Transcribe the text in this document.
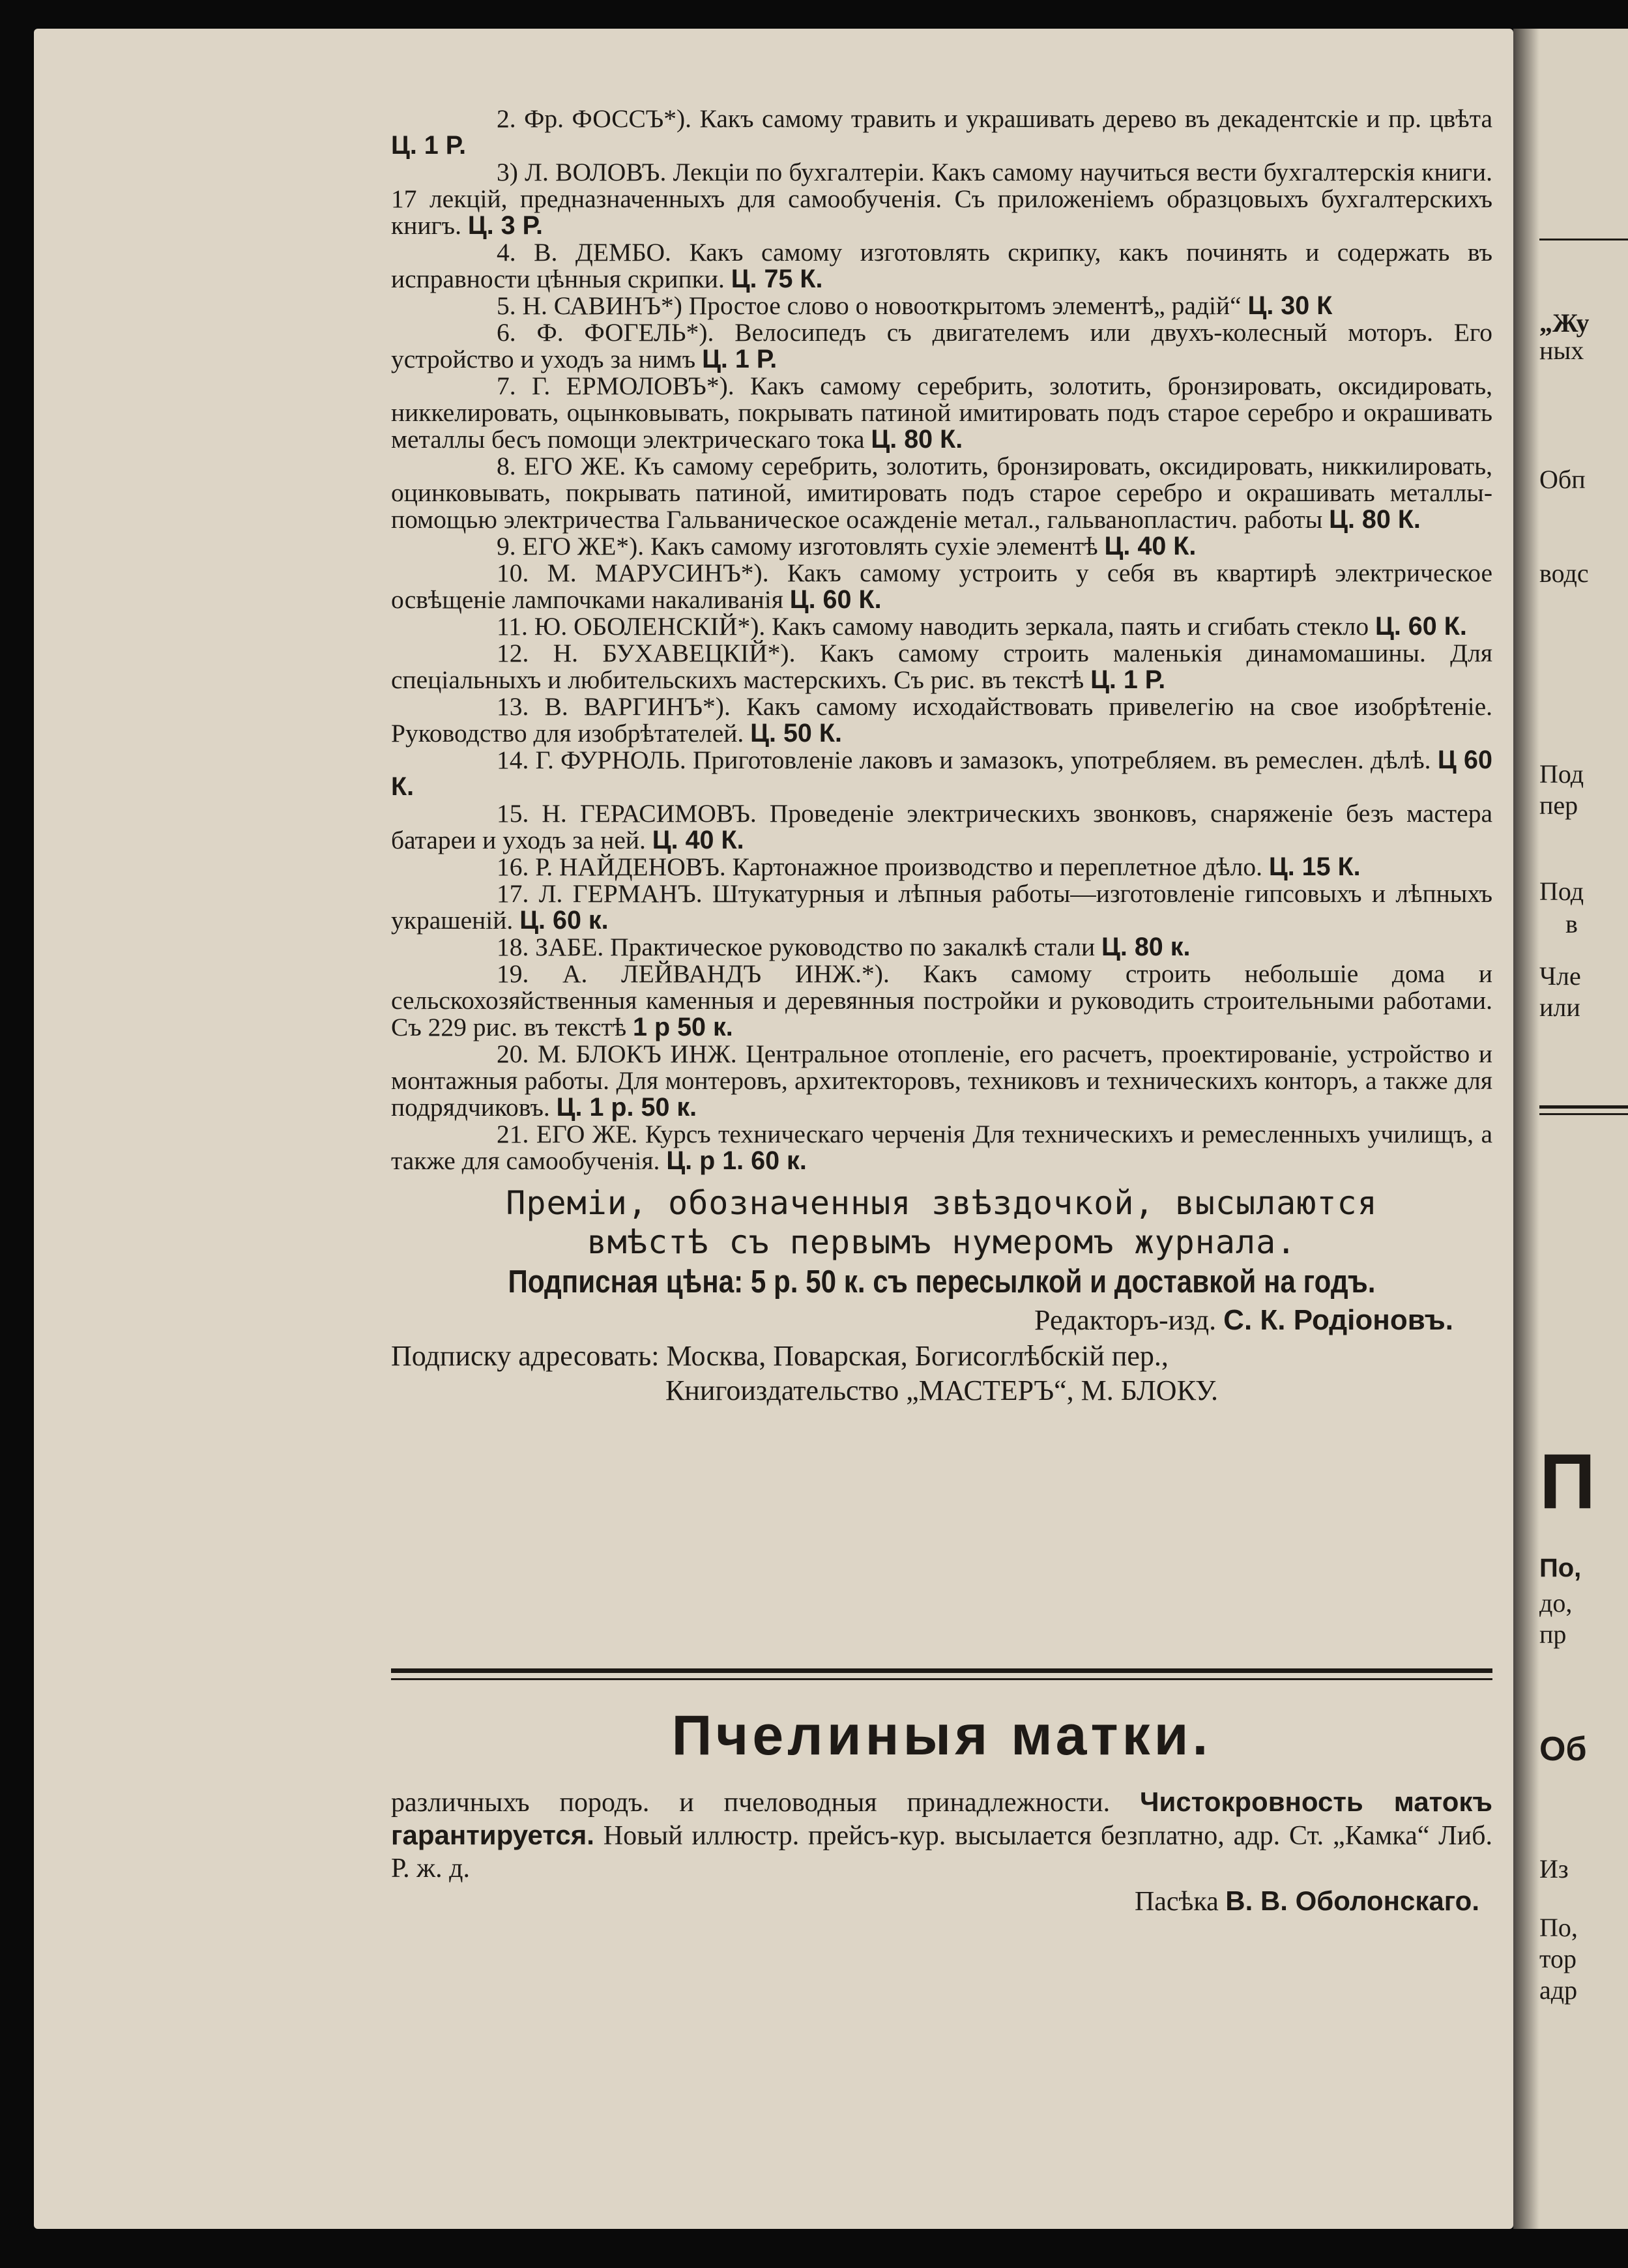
„Жу
ных
Обп
водс
Под
пер
Под
в
Чле
или
П
По,
до,
пр
Об
Из
По,
тор
адр

2. Фр. ФОССЪ*). Какъ самому травить и украшивать дерево въ декадентскіе и пр. цвѣта Ц. 1 Р.

3) Л. ВОЛОВЪ. Лекціи по бухгалтеріи. Какъ самому научиться вести бухгалтерскія книги. 17 лекцій, предназначенныхъ для самообученія. Съ приложеніемъ образцовыхъ бухгалтерскихъ книгъ. Ц. 3 Р.

4. В. ДЕМБО. Какъ самому изготовлять скрипку, какъ починять и содержать въ исправности цѣнныя скрипки. Ц. 75 К.

5. Н. САВИНЪ*) Простое слово о новооткрытомъ элементѣ„ радій“ Ц. 30 К

6. Ф. ФОГЕЛЬ*). Велосипедъ съ двигателемъ или двухъ-колесный моторъ. Его устройство и уходъ за нимъ Ц. 1 Р.

7. Г. ЕРМОЛОВЪ*). Какъ самому серебрить, золотить, бронзировать, оксидировать, никкелировать, оцынковывать, покрывать патиной имитировать подъ старое серебро и окрашивать металлы бесъ помощи электрическаго тока Ц. 80 К.

8. ЕГО ЖЕ. Къ самому серебрить, золотить, бронзировать, оксидировать, никкилировать, оцинковывать, покрывать патиной, имитировать подъ старое серебро и окрашивать металлы-помощью электричества Гальваническое осажденіе метал., гальванопластич. работы Ц. 80 К.

9. ЕГО ЖЕ*). Какъ самому изготовлять сухіе элементѣ Ц. 40 К.

10. М. МАРУСИНЪ*). Какъ самому устроить у себя въ квартирѣ электрическое освѣщеніе лампочками накаливанія Ц. 60 К.

11. Ю. ОБОЛЕНСКІЙ*). Какъ самому наводить зеркала, паять и сгибать стекло Ц. 60 К.

12. Н. БУХАВЕЦКІЙ*). Какъ самому строить маленькія динамомашины. Для спеціальныхъ и любительскихъ мастерскихъ. Съ рис. въ текстѣ Ц. 1 Р.

13. В. ВАРГИНЪ*). Какъ самому исходайствовать привелегію на свое изобрѣтеніе. Руководство для изобрѣтателей. Ц. 50 К.

14. Г. ФУРНОЛЬ. Приготовленіе лаковъ и замазокъ, употребляем. въ ремеслен. дѣлѣ. Ц 60 К.

15. Н. ГЕРАСИМОВЪ. Проведеніе электрическихъ звонковъ, снаряженіе безъ мастера батареи и уходъ за ней. Ц. 40 К.

16. Р. НАЙДЕНОВЪ. Картонажное производство и переплетное дѣло. Ц. 15 К.

17. Л. ГЕРМАНЪ. Штукатурныя и лѣпныя работы—изготовленіе гипсовыхъ и лѣпныхъ украшеній. Ц. 60 к.

18. ЗАБЕ. Практическое руководство по закалкѣ стали Ц. 80 к.

19. А. ЛЕЙВАНДЪ ИНЖ.*). Какъ самому строить небольшіе дома и сельскохозяйственныя каменныя и деревянныя постройки и руководить строительными работами. Съ 229 рис. въ текстѣ 1 р 50 к.

20. М. БЛОКЪ ИНЖ. Центральное отопленіе, его расчетъ, проектированіе, устройство и монтажныя работы. Для монтеровъ, архитекторовъ, техниковъ и техническихъ конторъ, а также для подрядчиковъ. Ц. 1 р. 50 к.

21. ЕГО ЖЕ. Курсъ техническаго черченія Для техническихъ и ремесленныхъ училищъ, а также для самообученія. Ц. р 1. 60 к.

Преміи, обозначенныя звѣздочкой, высылаются
вмѣстѣ съ первымъ нумеромъ журнала.
Подписная цѣна: 5 р. 50 к. съ пересылкой и доставкой на годъ.
Редакторъ-изд. С. К. Родіоновъ.
Подписку адресовать: Москва, Поварская, Богисоглѣбскій пер.,
Книгоиздательство „МАСТЕРЪ“, М. БЛОКУ.
Пчелиныя матки.
различныхъ породъ. и пчеловодныя принадлежности. Чистокровность матокъ гарантируется. Новый иллюстр. прейсъ-кур. высылается безплатно, адр. Ст. „Камка“ Либ. Р. ж. д.
Пасѣка В. В. Оболонскаго.
